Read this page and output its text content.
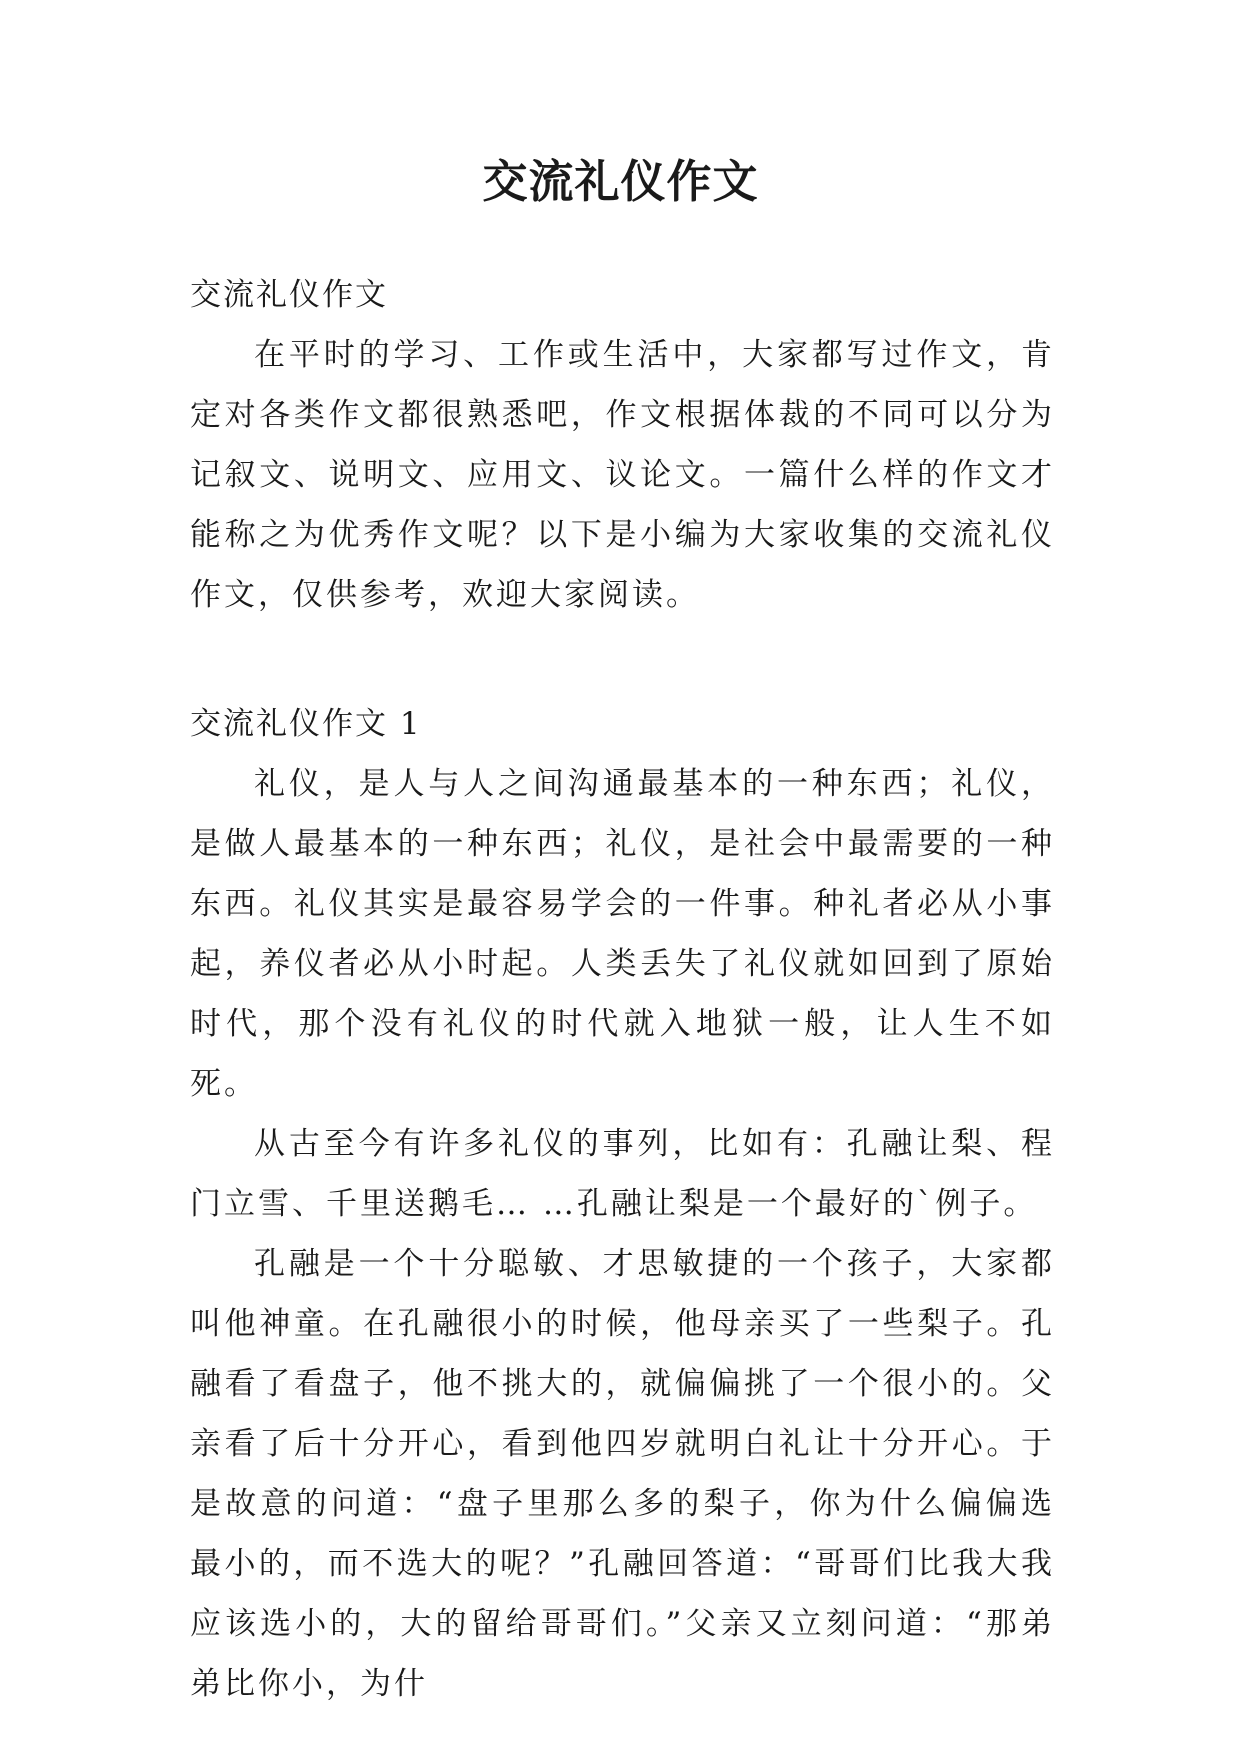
交流礼仪作文
交流礼仪作文

在平时的学习、工作或生活中，大家都写过作文，肯定对各类作文都很熟悉吧，作文根据体裁的不同可以分为记叙文、说明文、应用文、议论文。一篇什么样的作文才能称之为优秀作文呢？以下是小编为大家收集的交流礼仪作文，仅供参考，欢迎大家阅读。

交流礼仪作文 1

礼仪，是人与人之间沟通最基本的一种东西；礼仪，是做人最基本的一种东西；礼仪，是社会中最需要的一种东西。礼仪其实是最容易学会的一件事。种礼者必从小事起，养仪者必从小时起。人类丢失了礼仪就如回到了原始时代，那个没有礼仪的时代就入地狱一般，让人生不如死。

从古至今有许多礼仪的事列，比如有：孔融让梨、程门立雪、千里送鹅毛… …孔融让梨是一个最好的`例子。

孔融是一个十分聪敏、才思敏捷的一个孩子，大家都叫他神童。在孔融很小的时候，他母亲买了一些梨子。孔融看了看盘子，他不挑大的，就偏偏挑了一个很小的。父亲看了后十分开心，看到他四岁就明白礼让十分开心。于是故意的问道：“盘子里那么多的梨子，你为什么偏偏选最小的，而不选大的呢？”孔融回答道：“哥哥们比我大我应该选小的，大的留给哥哥们。”父亲又立刻问道：“那弟弟比你小，为什
